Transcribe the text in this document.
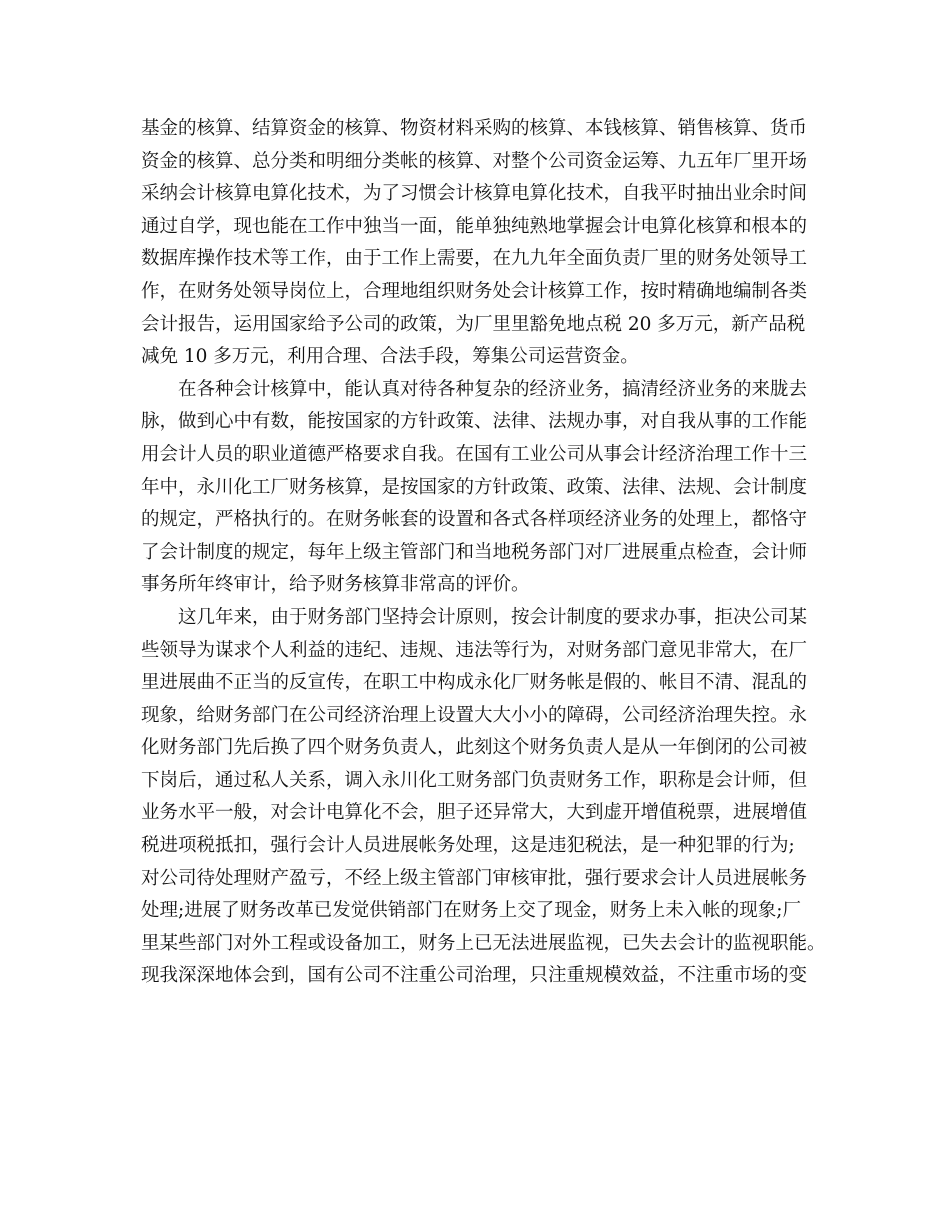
基金的核算、结算资金的核算、物资材料采购的核算、本钱核算、销售核算、货币
资金的核算、总分类和明细分类帐的核算、对整个公司资金运筹、九五年厂里开场
采纳会计核算电算化技术，为了习惯会计核算电算化技术，自我平时抽出业余时间
通过自学，现也能在工作中独当一面，能单独纯熟地掌握会计电算化核算和根本的
数据库操作技术等工作，由于工作上需要，在九九年全面负责厂里的财务处领导工
作，在财务处领导岗位上，合理地组织财务处会计核算工作，按时精确地编制各类
会计报告，运用国家给予公司的政策，为厂里里豁免地点税 20 多万元，新产品税
减免 10 多万元，利用合理、合法手段，筹集公司运营资金。
在各种会计核算中，能认真对待各种复杂的经济业务，搞清经济业务的来胧去
脉，做到心中有数，能按国家的方针政策、法律、法规办事，对自我从事的工作能
用会计人员的职业道德严格要求自我。在国有工业公司从事会计经济治理工作十三
年中，永川化工厂财务核算，是按国家的方针政策、政策、法律、法规、会计制度
的规定，严格执行的。在财务帐套的设置和各式各样项经济业务的处理上，都恪守
了会计制度的规定，每年上级主管部门和当地税务部门对厂进展重点检查，会计师
事务所年终审计，给予财务核算非常高的评价。
这几年来，由于财务部门坚持会计原则，按会计制度的要求办事，拒决公司某
些领导为谋求个人利益的违纪、违规、违法等行为，对财务部门意见非常大，在厂
里进展曲不正当的反宣传，在职工中构成永化厂财务帐是假的、帐目不清、混乱的
现象，给财务部门在公司经济治理上设置大大小小的障碍，公司经济治理失控。永
化财务部门先后换了四个财务负责人，此刻这个财务负责人是从一年倒闭的公司被
下岗后，通过私人关系，调入永川化工财务部门负责财务工作，职称是会计师，但
业务水平一般，对会计电算化不会，胆子还异常大，大到虚开增值税票，进展增值
税进项税抵扣，强行会计人员进展帐务处理，这是违犯税法，是一种犯罪的行为;
对公司待处理财产盈亏，不经上级主管部门审核审批，强行要求会计人员进展帐务
处理;进展了财务改革已发觉供销部门在财务上交了现金，财务上未入帐的现象;厂
里某些部门对外工程或设备加工，财务上已无法进展监视，已失去会计的监视职能。
现我深深地体会到，国有公司不注重公司治理，只注重规模效益，不注重市场的变
